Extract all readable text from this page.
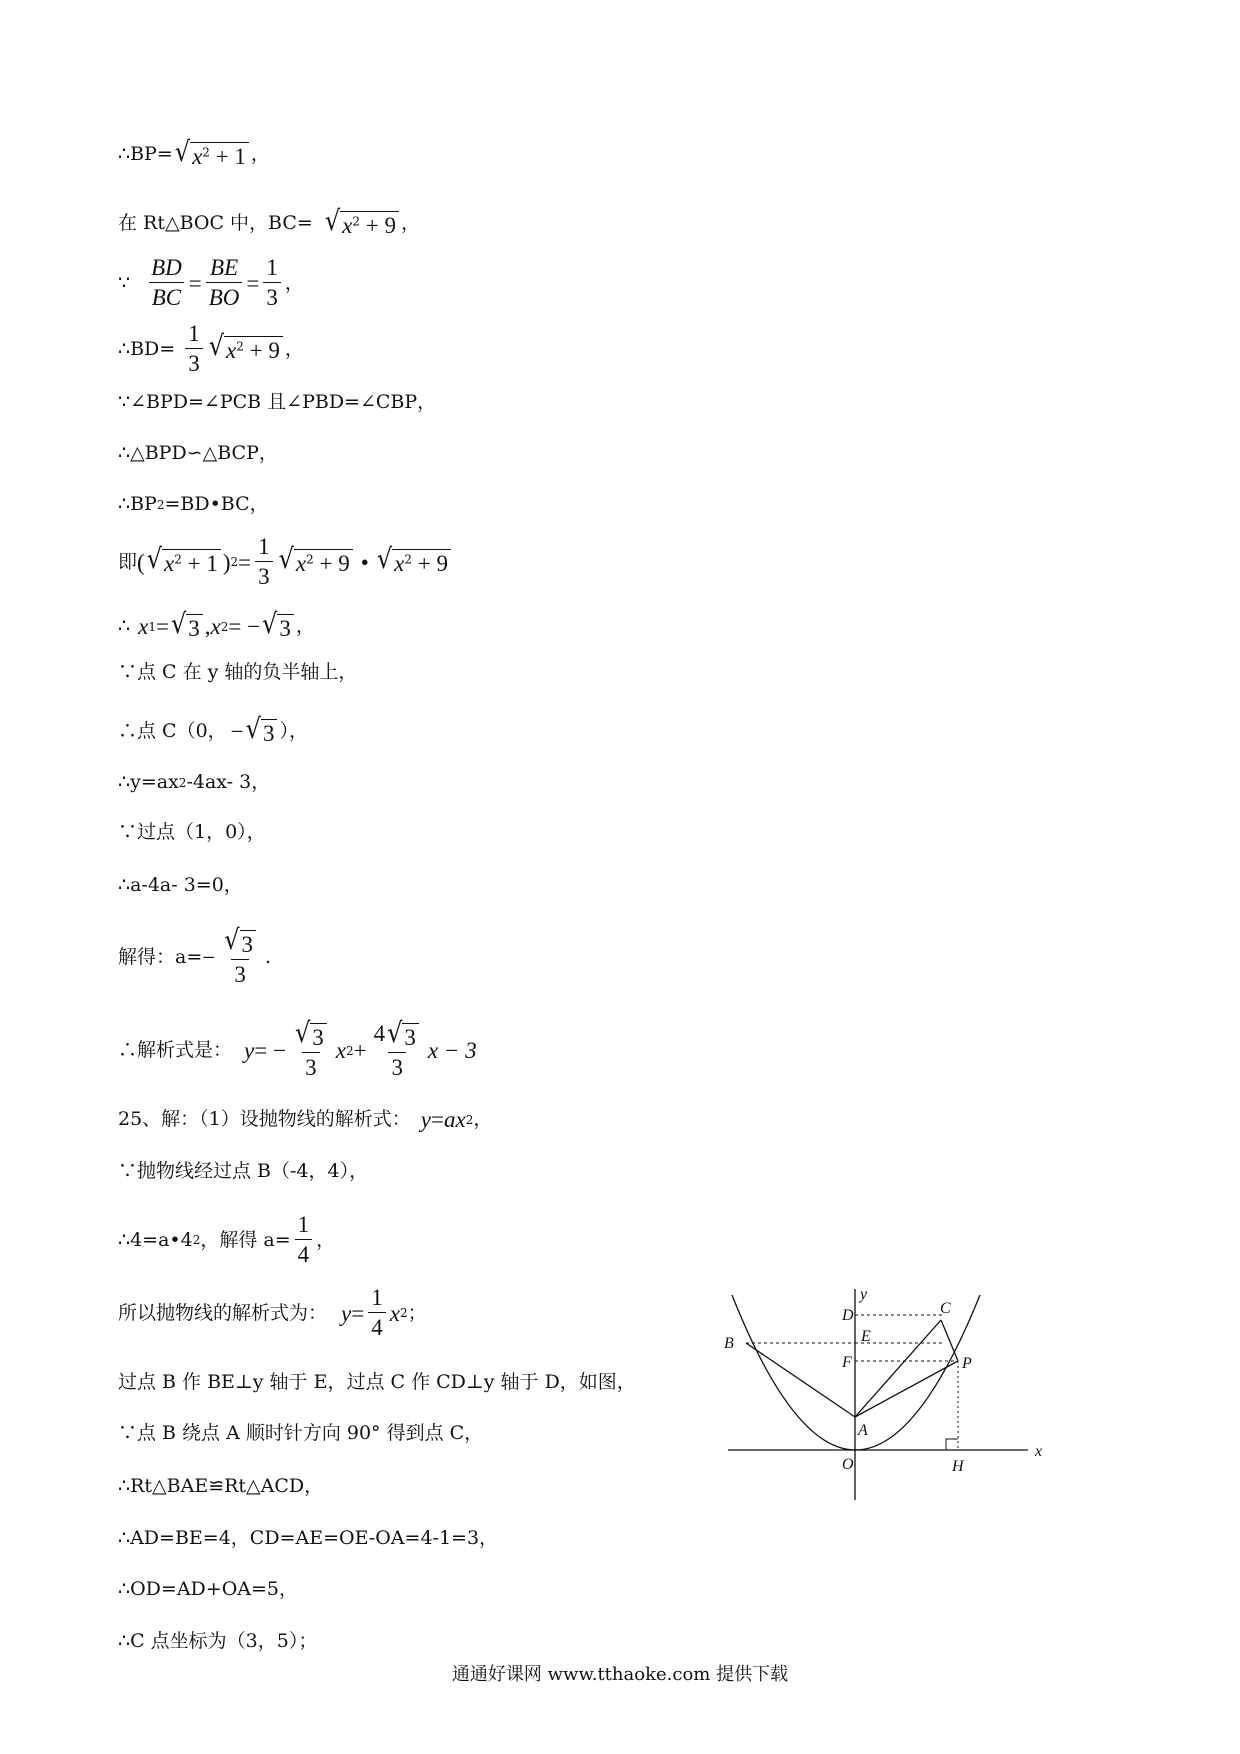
∴BP= √ $x^2 + 1$ ，
在 Rt△BOC 中，BC= √ $x^2 + 9$ ，
∵ $\frac{BD}{BC} = \frac{BE}{BO} = \frac{1}{3}$ ，
∴BD= $\frac{1}{3}$ √ $x^2 + 9$ ，
∵∠BPD=∠PCB 且∠PBD=∠CBP，
∴△BPD∽△BCP，
∴BP 2 =BD•BC，
即 ( √ $x^2 + 1$ ) $2 = \frac{1}{3}$ √ $x^2 + 9$ • √ $x^2 + 9$
∴ x 1 = √ 3 , x 2 = − √ 3 ，
∵点 C 在 y 轴的负半轴上，
∴点 C（0， − √ 3 ），
∴y=ax 2 -4ax- 3，
∵过点（1，0），
∴a-4a- 3=0，
解得：$a= - \frac{√ 3}{3}$ .
∴解析式是： y = − $\frac{√ 3}{3}$ x $2 + \frac{4 √ 3}{3}$ x − 3
25、解：（1）设抛物线的解析式： y = ax 2 ，
∵抛物线经过点 B（-4，4），
∴4=a•4 2 ，解得 $a= \frac{1}{4}$ ，
所以抛物线的解析式为： $y = \frac{1}{4}$ x 2 ；
过点 B 作 BE⊥y 轴于 E，过点 C 作 CD⊥y 轴于 D，如图，
∵点 B 绕点 A 顺时针方向 90° 得到点 C，
∴Rt△BAE≌Rt△ACD，
∴AD=BE=4，CD=AE=OE-OA=4-1=3，
∴OD=AD+OA=5，
∴C 点坐标为（3，5）；
y
x
D	C
E
B
F	P
A
O	H
通通好课网 www.tthaoke.com 提供下载
